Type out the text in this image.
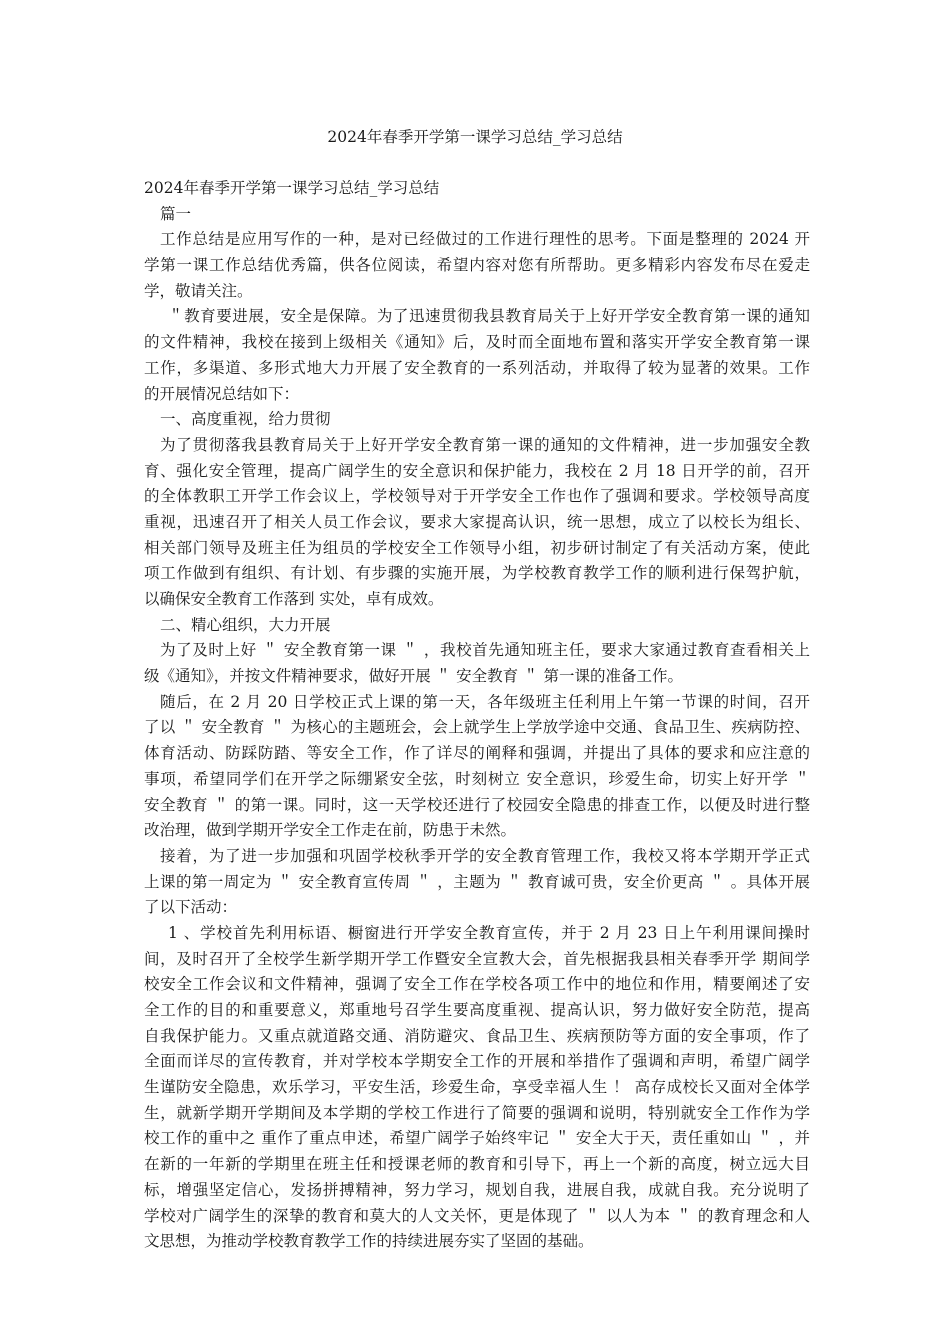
2024年春季开学第一课学习总结_学习总结
2024年春季开学第一课学习总结_学习总结
篇一
工作总结是应用写作的一种，是对已经做过的工作进行理性的思考。下面是整理的 2024 开
学第一课工作总结优秀篇，供各位阅读，希望内容对您有所帮助。更多精彩内容发布尽在爱走
学，敬请关注。
＂教育要进展，安全是保障。为了迅速贯彻我县教育局关于上好开学安全教育第一课的通知
的文件精神，我校在接到上级相关《通知》后，及时而全面地布置和落实开学安全教育第一课
工作，多渠道、多形式地大力开展了安全教育的一系列活动，并取得了较为显著的效果。工作
的开展情况总结如下：
一、高度重视，给力贯彻
为了贯彻落我县教育局关于上好开学安全教育第一课的通知的文件精神，进一步加强安全教
育、强化安全管理，提高广阔学生的安全意识和保护能力，我校在 2 月 18 日开学的前，召开
的全体教职工开学工作会议上，学校领导对于开学安全工作也作了强调和要求。学校领导高度
重视，迅速召开了相关人员工作会议，要求大家提高认识，统一思想，成立了以校长为组长、
相关部门领导及班主任为组员的学校安全工作领导小组，初步研讨制定了有关活动方案，使此
项工作做到有组织、有计划、有步骤的实施开展，为学校教育教学工作的顺利进行保驾护航，
以确保安全教育工作落到 实处，卓有成效。
二、精心组织，大力开展
为了及时上好 ＂ 安全教育第一课 ＂ ，我校首先通知班主任，要求大家通过教育查看相关上
级《通知》，并按文件精神要求，做好开展 ＂ 安全教育 ＂ 第一课的准备工作。
随后，在 2 月 20 日学校正式上课的第一天，各年级班主任利用上午第一节课的时间，召开
了以 ＂ 安全教育 ＂ 为核心的主题班会，会上就学生上学放学途中交通、食品卫生、疾病防控、
体育活动、防踩防踏、等安全工作，作了详尽的阐释和强调，并提出了具体的要求和应注意的
事项，希望同学们在开学之际绷紧安全弦，时刻树立 安全意识，珍爱生命，切实上好开学 ＂
安全教育 ＂ 的第一课。同时，这一天学校还进行了校园安全隐患的排查工作，以便及时进行整
改治理，做到学期开学安全工作走在前，防患于未然。
接着，为了进一步加强和巩固学校秋季开学的安全教育管理工作，我校又将本学期开学正式
上课的第一周定为 ＂ 安全教育宣传周 ＂ ，主题为 ＂ 教育诚可贵，安全价更高 ＂ 。具体开展
了以下活动：
1 、学校首先利用标语、橱窗进行开学安全教育宣传，并于 2 月 23 日上午利用课间操时
间，及时召开了全校学生新学期开学工作暨安全宣教大会，首先根据我县相关春季开学 期间学
校安全工作会议和文件精神，强调了安全工作在学校各项工作中的地位和作用，精要阐述了安
全工作的目的和重要意义，郑重地号召学生要高度重视、提高认识，努力做好安全防范，提高
自我保护能力。又重点就道路交通、消防避灾、食品卫生、疾病预防等方面的安全事项，作了
全面而详尽的宣传教育，并对学校本学期安全工作的开展和举措作了强调和声明，希望广阔学
生谨防安全隐患，欢乐学习，平安生活，珍爱生命，享受幸福人生 ！ 高存成校长又面对全体学
生，就新学期开学期间及本学期的学校工作进行了简要的强调和说明，特别就安全工作作为学
校工作的重中之 重作了重点申述，希望广阔学子始终牢记 ＂ 安全大于天，责任重如山 ＂ ，并
在新的一年新的学期里在班主任和授课老师的教育和引导下，再上一个新的高度，树立远大目
标，增强坚定信心，发扬拼搏精神，努力学习，规划自我，进展自我，成就自我。充分说明了
学校对广阔学生的深挚的教育和莫大的人文关怀，更是体现了 ＂ 以人为本 ＂ 的教育理念和人
文思想，为推动学校教育教学工作的持续进展夯实了坚固的基础。
